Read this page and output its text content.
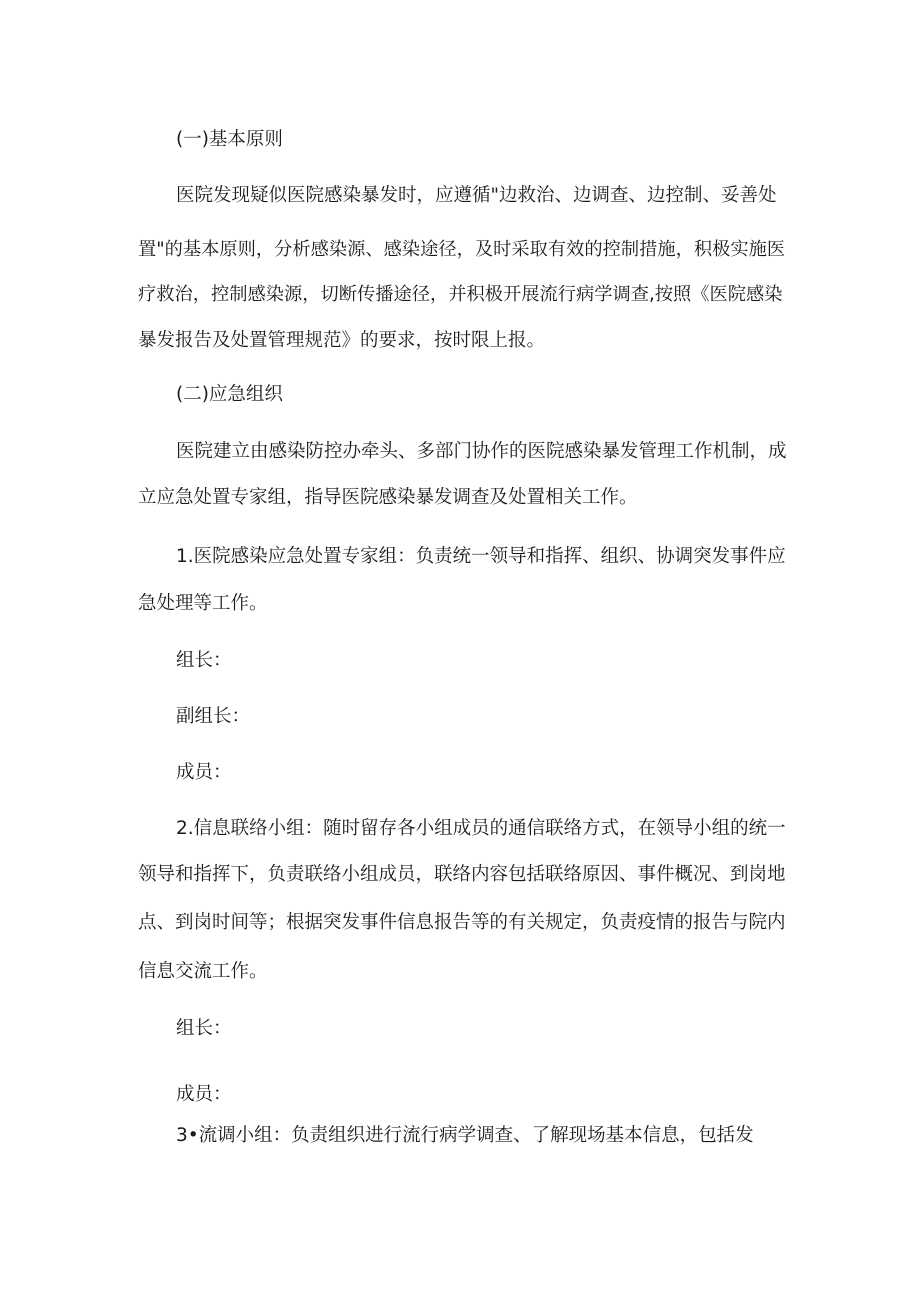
(一)基本原则
医院发现疑似医院感染暴发时，应遵循"边救治、边调查、边控制、妥善处
置"的基本原则，分析感染源、感染途径，及时采取有效的控制措施，积极实施医
疗救治，控制感染源，切断传播途径，并积极开展流行病学调查,按照《医院感染
暴发报告及处置管理规范》的要求，按时限上报。
(二)应急组织
医院建立由感染防控办牵头、多部门协作的医院感染暴发管理工作机制，成
立应急处置专家组，指导医院感染暴发调查及处置相关工作。
1.医院感染应急处置专家组：负责统一领导和指挥、组织、协调突发事件应
急处理等工作。
组长：
副组长：
成员：
2.信息联络小组：随时留存各小组成员的通信联络方式，在领导小组的统一
领导和指挥下，负责联络小组成员，联络内容包括联络原因、事件概况、到岗地
点、到岗时间等；根据突发事件信息报告等的有关规定，负责疫情的报告与院内
信息交流工作。
组长：
成员：
3•流调小组：负责组织进行流行病学调查、了解现场基本信息，包括发
